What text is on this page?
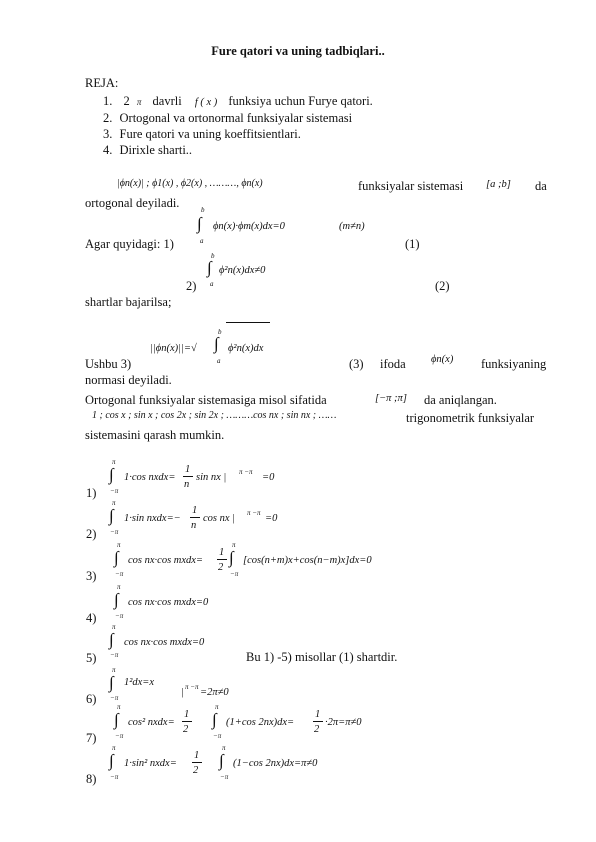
Fure qatori va uning tadbiqlari..
REJA:
1. 2 π davrli f ( x ) funksiya uchun Furye qatori.
2. Ortogonal va ortonormal funksiyalar sistemasi
3. Fure qatori va uning koeffitsientlari.
4. Dirixle sharti..
|ϕn(x)| ; ϕ1(x) , ϕ2(x) , ………, ϕn(x)	funksiyalar sistemasi [a ;b] da
ortogonal deyiladi.	b
∫
a
ϕn(x)·ϕm(x)dx=0	(m≠n)
Agar quyidagi: 1)	(1)
b
∫
a
ϕ²n(x)dx≠0
2)	(2)
shartlar bajarilsa;
||ϕn(x)||=√
b
∫
a
ϕ²n(x)dx
Ushbu 3)	(3) ifoda ϕn(x) funksiyaning
normasi deyiladi.
Ortogonal funksiyalar sistemasiga misol sifatida	[−π ;π] da aniqlangan.
1 ; cos x ; sin x ; cos 2x ; sin 2x ; ………cos nx ; sin nx ; ……	trigonometrik funksiyalar
sistemasini qarash mumkin.
π
∫
−π
1·cos nxdx=
1
n
sin nx | π −π =0
1)
π
∫
−π
1·sin nxdx=−
1
n
cos nx | π −π =0
2)
π
∫
−π
cos nx·cos mxdx=
1
2
π
∫
−π
[cos(n+m)x+cos(n−m)x]dx=0
3)
π
∫
−π
cos nx·cos mxdx=0
4)
π
∫
−π
cos nx·cos mxdx=0
5)	Bu 1) -5) misollar (1) shartdir.
π
∫
−π
1²dx=x
| π −π =2π≠0
6)
π
∫
−π
cos² nxdx=
1
2
π
∫
−π
(1+cos 2nx)dx=
1
2
·2π=π≠0
7)
π
∫
−π
1·sin² nxdx=
1
2
π
∫
−π
(1−cos 2nx)dx=π≠0
8)
